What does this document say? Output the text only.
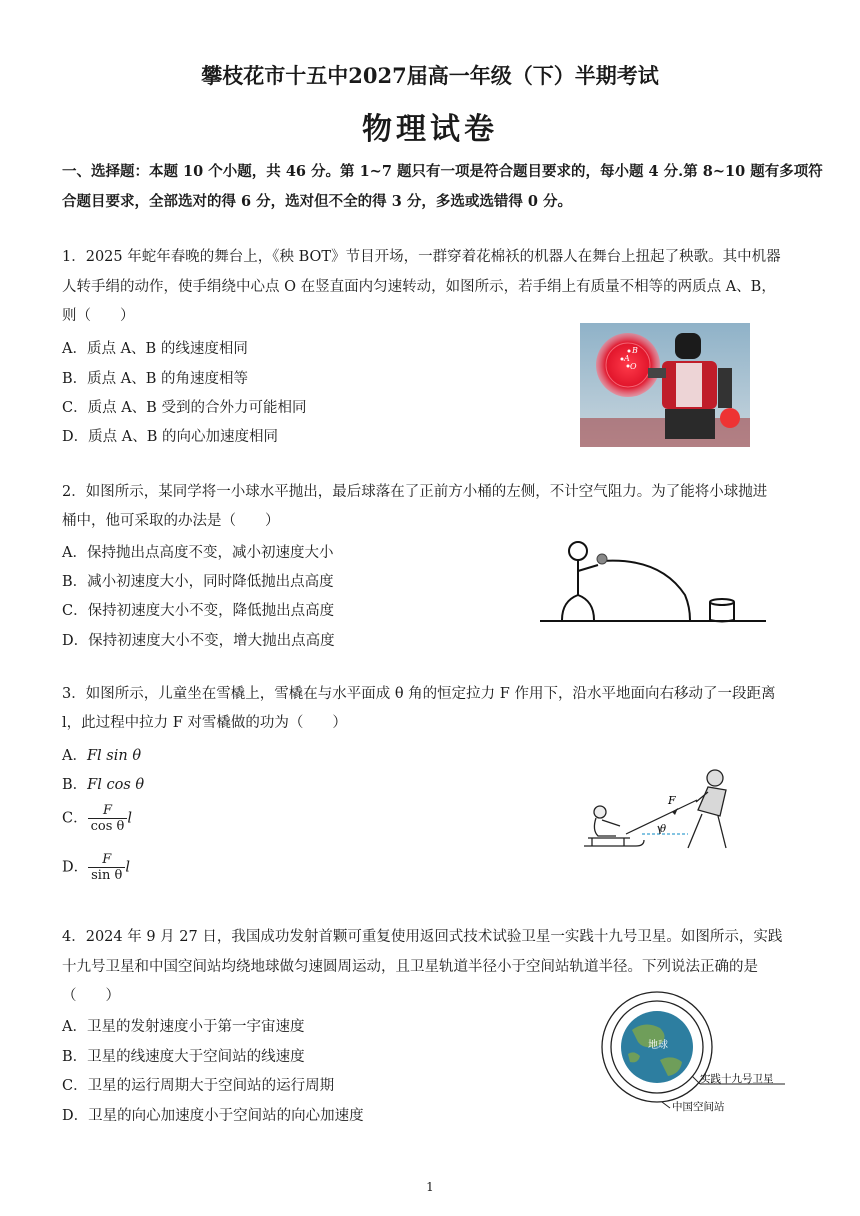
攀枝花市十五中2027届高一年级（下）半期考试
物理试卷
一、选择题：本题 10 个小题，共 46 分。第 1~7 题只有一项是符合题目要求的，每小题 4 分.第 8~10 题有多项符
合题目要求，全部选对的得 6 分，选对但不全的得 3 分，多选或选错得 0 分。
1．2025 年蛇年春晚的舞台上，《秧 BOT》节目开场，一群穿着花棉袄的机器人在舞台上扭起了秧歌。其中机器
人转手绢的动作，使手绢绕中心点 O 在竖直面内匀速转动，如图所示，若手绢上有质量不相等的两质点 A、B，
则（　　）
A．质点 A、B 的线速度相同
B．质点 A、B 的角速度相等
C．质点 A、B 受到的合外力可能相同
D．质点 A、B 的向心加速度相同
B
A
O
2．如图所示，某同学将一小球水平抛出，最后球落在了正前方小桶的左侧，不计空气阻力。为了能将小球抛进
桶中，他可采取的办法是（　　）
A．保持抛出点高度不变，减小初速度大小
B．减小初速度大小，同时降低抛出点高度
C．保持初速度大小不变，降低抛出点高度
D．保持初速度大小不变，增大抛出点高度
3．如图所示，儿童坐在雪橇上，雪橇在与水平面成 θ 角的恒定拉力 F 作用下，沿水平地面向右移动了一段距离
l，此过程中拉力 F 对雪橇做的功为（　　）
A．Fl sin θ
B．Fl cos θ
C． $\frac{F}{\text{cos θ}}$ l
D． $\frac{F}{\text{sin θ}}$ l
F
θ
4．2024 年 9 月 27 日，我国成功发射首颗可重复使用返回式技术试验卫星一实践十九号卫星。如图所示，实践
十九号卫星和中国空间站均绕地球做匀速圆周运动，且卫星轨道半径小于空间站轨道半径。下列说法正确的是
（　　）
A．卫星的发射速度小于第一宇宙速度
B．卫星的线速度大于空间站的线速度
C．卫星的运行周期大于空间站的运行周期
D．卫星的向心加速度小于空间站的向心加速度
地球
实践十九号卫星
中国空间站
1
